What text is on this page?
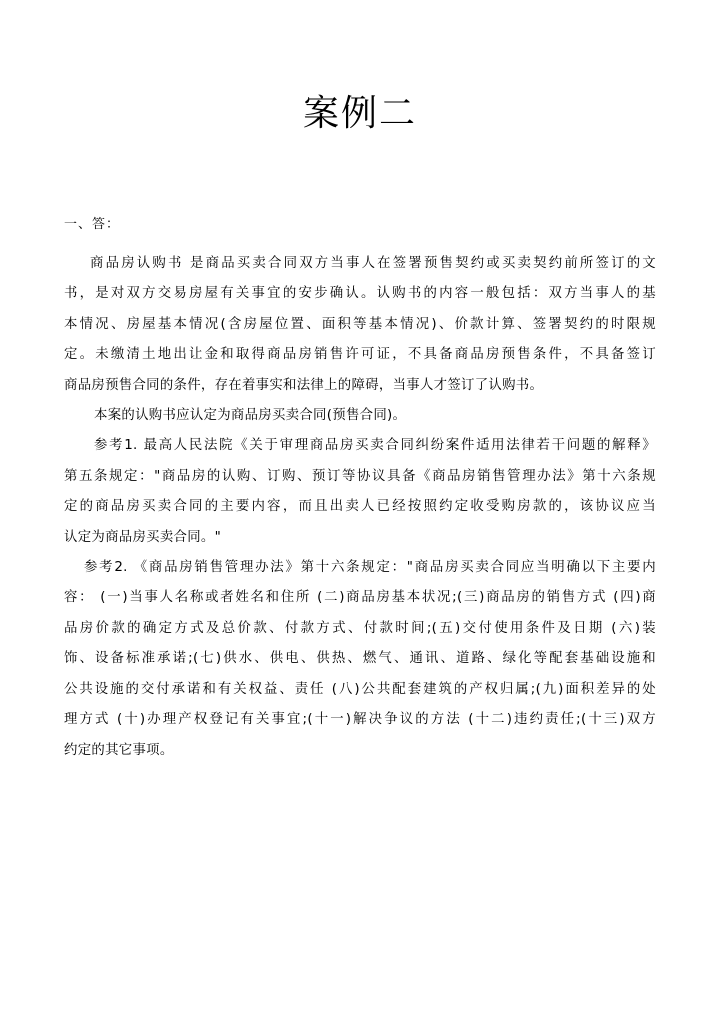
案例二
一、答：

商品房认购书 是商品买卖合同双方当事人在签署预售契约或买卖契约前所签订的文
书，是对双方交易房屋有关事宜的安步确认。认购书的内容一般包括：双方当事人的基
本情况、房屋基本情况(含房屋位置、面积等基本情况)、价款计算、签署契约的时限规
定。未缴清土地出让金和取得商品房销售许可证，不具备商品房预售条件，不具备签订
商品房预售合同的条件，存在着事实和法律上的障碍，当事人才签订了认购书。

本案的认购书应认定为商品房买卖合同(预售合同)。

参考1. 最高人民法院《关于审理商品房买卖合同纠纷案件适用法律若干问题的解释》
第五条规定："商品房的认购、订购、预订等协议具备《商品房销售管理办法》第十六条规
定的商品房买卖合同的主要内容，而且出卖人已经按照约定收受购房款的，该协议应当
认定为商品房买卖合同。"

参考2. 《商品房销售管理办法》第十六条规定："商品房买卖合同应当明确以下主要内
容： (一)当事人名称或者姓名和住所 (二)商品房基本状况;(三)商品房的销售方式 (四)商
品房价款的确定方式及总价款、付款方式、付款时间;(五)交付使用条件及日期 (六)装
饰、设备标准承诺;(七)供水、供电、供热、燃气、通讯、道路、绿化等配套基础设施和
公共设施的交付承诺和有关权益、责任 (八)公共配套建筑的产权归属;(九)面积差异的处
理方式 (十)办理产权登记有关事宜;(十一)解决争议的方法 (十二)违约责任;(十三)双方
约定的其它事项。
